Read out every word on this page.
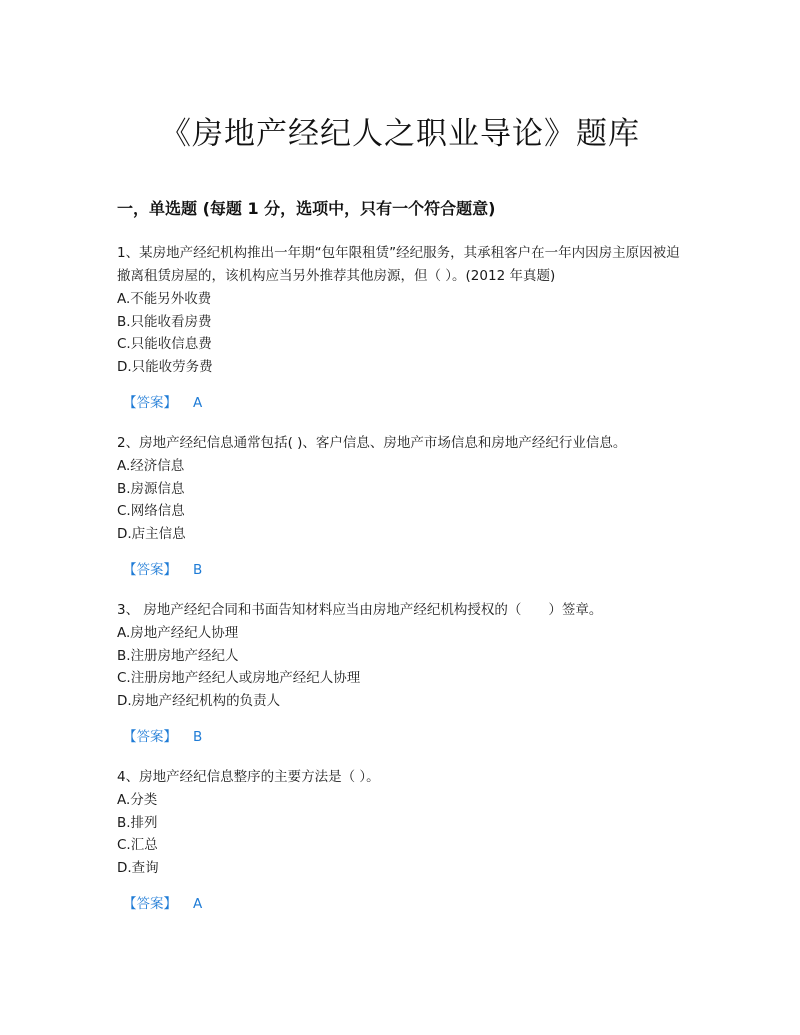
《房地产经纪人之职业导论》题库
一，单选题 (每题 1 分，选项中，只有一个符合题意)

1、某房地产经纪机构推出一年期“包年限租赁”经纪服务，其承租客户在一年内因房主原因被迫撤离租赁房屋的，该机构应当另外推荐其他房源，但（ ）。(2012 年真题)

A.不能另外收费

B.只能收看房费

C.只能收信息费

D.只能收劳务费

【答案】 A

2、房地产经纪信息通常包括( )、客户信息、房地产市场信息和房地产经纪行业信息。

A.经济信息

B.房源信息

C.网络信息

D.店主信息

【答案】 B

3、 房地产经纪合同和书面告知材料应当由房地产经纪机构授权的（　　）签章。

A.房地产经纪人协理

B.注册房地产经纪人

C.注册房地产经纪人或房地产经纪人协理

D.房地产经纪机构的负责人

【答案】 B

4、房地产经纪信息整序的主要方法是（ ）。

A.分类

B.排列

C.汇总

D.查询

【答案】 A
